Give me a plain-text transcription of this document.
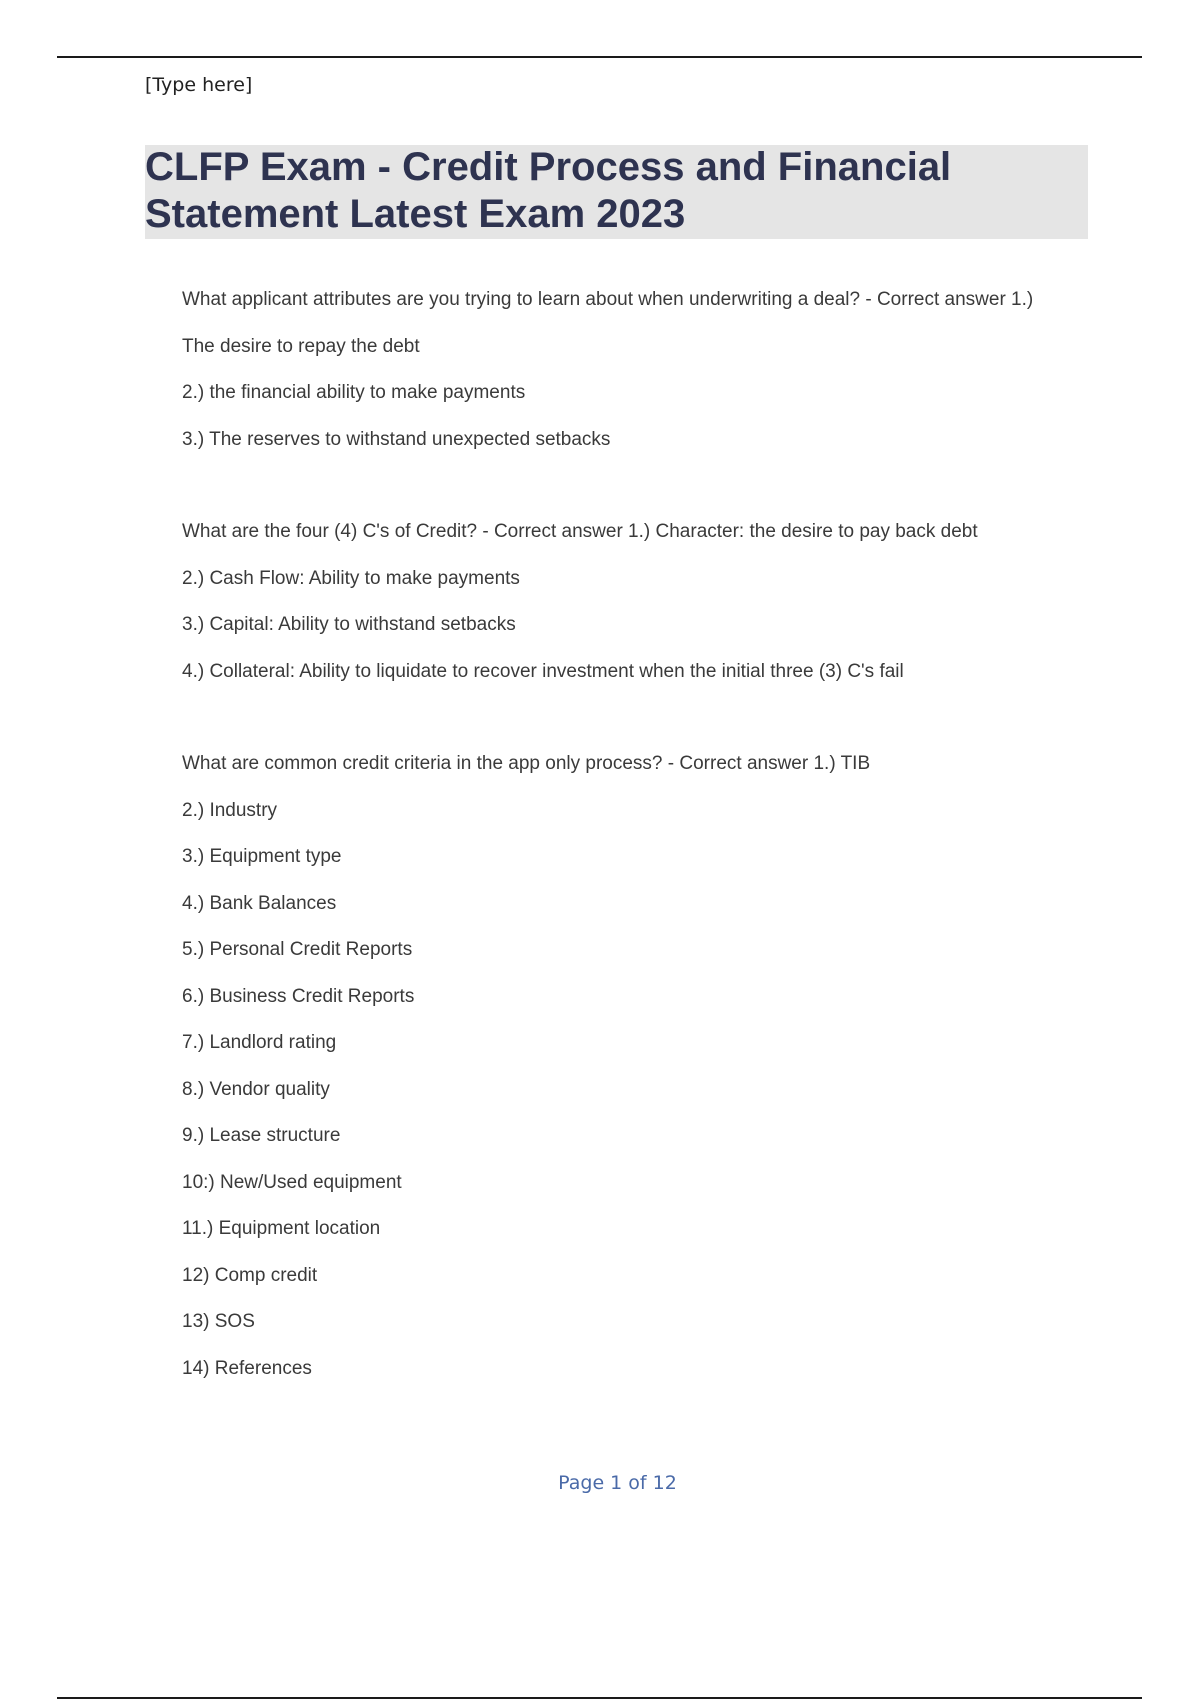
[Type here]
CLFP Exam - Credit Process and Financial
Statement Latest Exam 2023
What applicant attributes are you trying to learn about when underwriting a deal? - Correct answer 1.)
The desire to repay the debt
2.) the financial ability to make payments
3.) The reserves to withstand unexpected setbacks
What are the four (4) C's of Credit? - Correct answer 1.) Character: the desire to pay back debt
2.) Cash Flow: Ability to make payments
3.) Capital: Ability to withstand setbacks
4.) Collateral: Ability to liquidate to recover investment when the initial three (3) C's fail
What are common credit criteria in the app only process? - Correct answer 1.) TIB
2.) Industry
3.) Equipment type
4.) Bank Balances
5.) Personal Credit Reports
6.) Business Credit Reports
7.) Landlord rating
8.) Vendor quality
9.) Lease structure
10:) New/Used equipment
11.) Equipment location
12) Comp credit
13) SOS
14) References
Page 1 of 12
